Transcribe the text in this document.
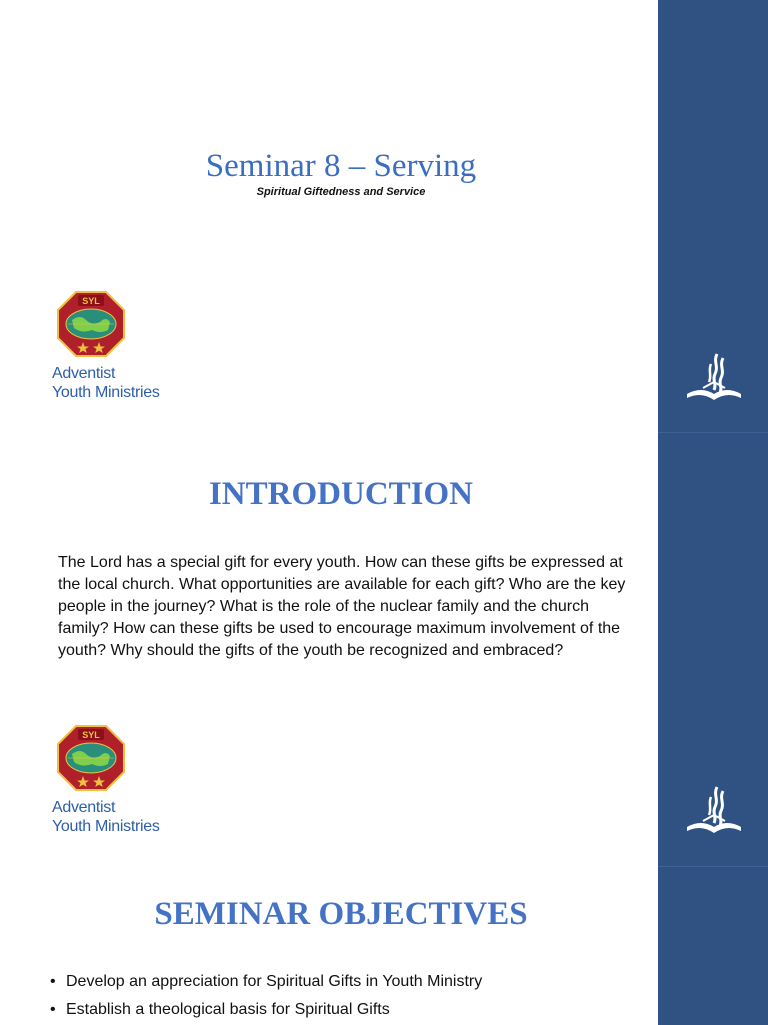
Seminar 8 – Serving
Spiritual Giftedness and Service
SYL
Adventist
Youth Ministries
INTRODUCTION
The Lord has a special gift for every youth. How can these gifts be expressed at the local church. What opportunities are available for each gift? Who are the key people in the journey? What is the role of the nuclear family and the church family? How can these gifts be used to encourage maximum involvement of the youth? Why should the gifts of the youth be recognized and embraced?
SYL
Adventist
Youth Ministries
SEMINAR OBJECTIVES
• Develop an appreciation for Spiritual Gifts in Youth Ministry
• Establish a theological basis for Spiritual Gifts
